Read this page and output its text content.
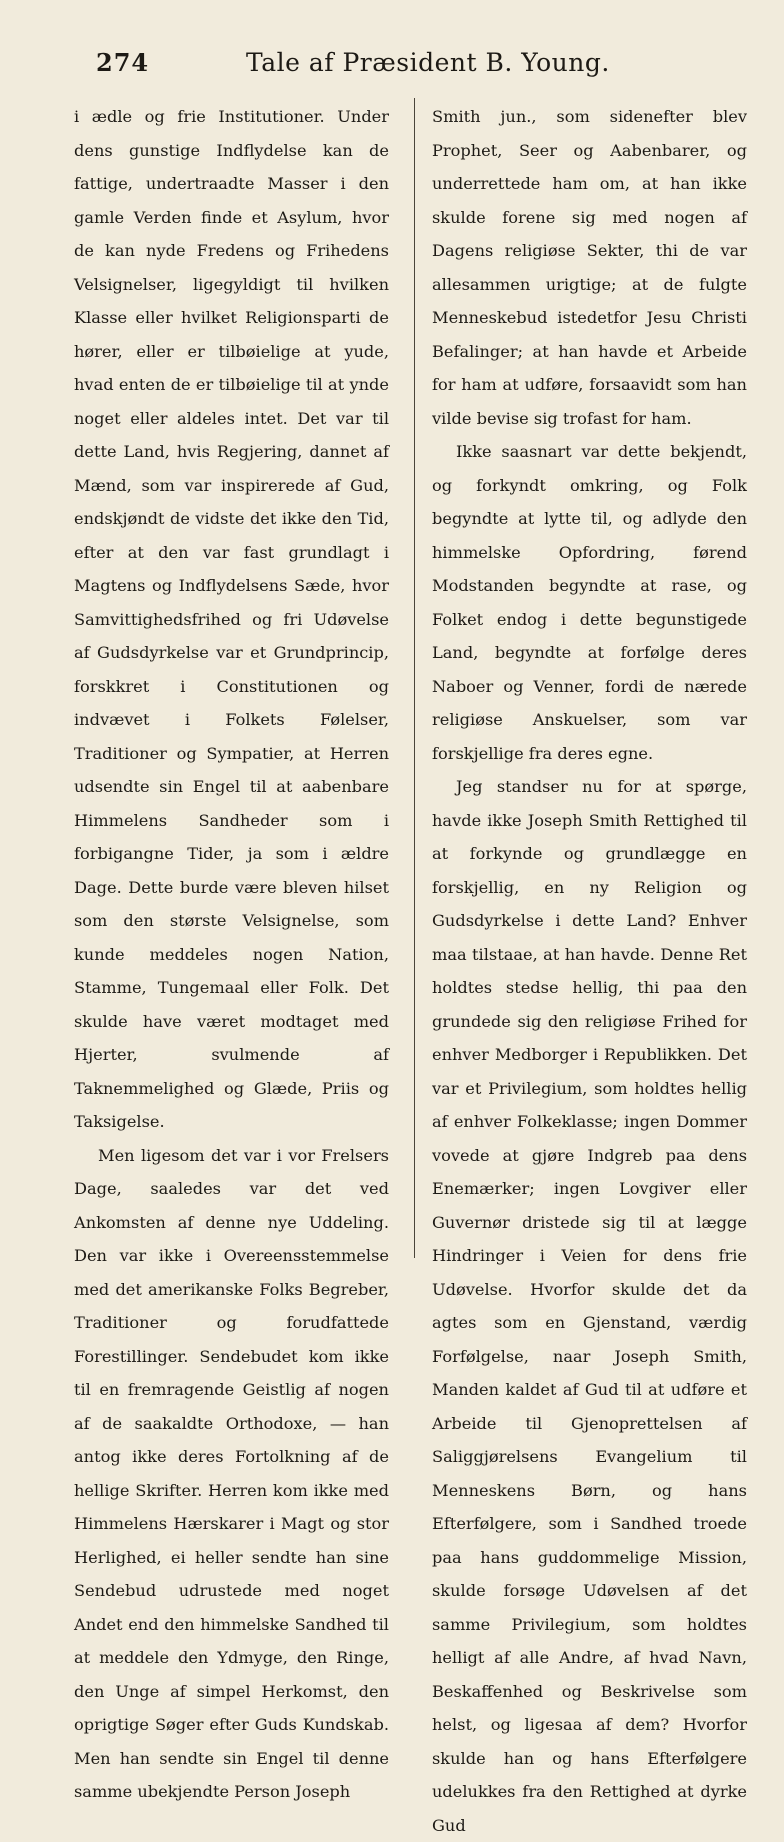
274	Tale af Præsident B. Young.

i ædle og frie Institutioner. Under dens gunstige Indflydelse kan de fattige, undertraadte Masser i den gamle Verden finde et Asylum, hvor de kan nyde Fredens og Frihedens Velsignelser, ligegyldigt til hvilken Klasse eller hvilket Religionsparti de hører, eller er tilbøielige at yude, hvad enten de er tilbøielige til at ynde noget eller aldeles intet. Det var til dette Land, hvis Regjering, dannet af Mænd, som var inspirerede af Gud, endskjøndt de vidste det ikke den Tid, efter at den var fast grundlagt i Magtens og Indflydelsens Sæde, hvor Samvittighedsfrihed og fri Udøvelse af Gudsdyrkelse var et Grundprincip, forskkret i Constitutionen og indvævet i Folkets Følelser, Traditioner og Sympatier, at Herren udsendte sin Engel til at aabenbare Himmelens Sandheder som i forbigangne Tider, ja som i ældre Dage. Dette burde være bleven hilset som den største Velsignelse, som kunde meddeles nogen Nation, Stamme, Tungemaal eller Folk. Det skulde have været modtaget med Hjerter, svulmende af Taknemmelighed og Glæde, Priis og Taksigelse.

Men ligesom det var i vor Frelsers Dage, saaledes var det ved Ankomsten af denne nye Uddeling. Den var ikke i Overeensstemmelse med det amerikanske Folks Begreber, Traditioner og forudfattede Forestillinger. Sendebudet kom ikke til en fremragende Geistlig af nogen af de saakaldte Orthodoxe, — han antog ikke deres Fortolkning af de hellige Skrifter. Herren kom ikke med Himmelens Hærskarer i Magt og stor Herlighed, ei heller sendte han sine Sendebud udrustede med noget Andet end den himmelske Sandhed til at meddele den Ydmyge, den Ringe, den Unge af simpel Herkomst, den oprigtige Søger efter Guds Kundskab. Men han sendte sin Engel til denne samme ubekjendte Person Joseph

Smith jun., som sidenefter blev Prophet, Seer og Aabenbarer, og underrettede ham om, at han ikke skulde forene sig med nogen af Dagens religiøse Sekter, thi de var allesammen urigtige; at de fulgte Menneskebud istedetfor Jesu Christi Befalinger; at han havde et Arbeide for ham at udføre, forsaavidt som han vilde bevise sig trofast for ham.

Ikke saasnart var dette bekjendt, og forkyndt omkring, og Folk begyndte at lytte til, og adlyde den himmelske Opfordring, førend Modstanden begyndte at rase, og Folket endog i dette begunstigede Land, begyndte at forfølge deres Naboer og Venner, fordi de nærede religiøse Anskuelser, som var forskjellige fra deres egne.

Jeg standser nu for at spørge, havde ikke Joseph Smith Rettighed til at forkynde og grundlægge en forskjellig, en ny Religion og Gudsdyrkelse i dette Land? Enhver maa tilstaae, at han havde. Denne Ret holdtes stedse hellig, thi paa den grundede sig den religiøse Frihed for enhver Medborger i Republikken. Det var et Privilegium, som holdtes hellig af enhver Folkeklasse; ingen Dommer vovede at gjøre Indgreb paa dens Enemærker; ingen Lovgiver eller Guvernør dristede sig til at lægge Hindringer i Veien for dens frie Udøvelse. Hvorfor skulde det da agtes som en Gjenstand, værdig Forfølgelse, naar Joseph Smith, Manden kaldet af Gud til at udføre et Arbeide til Gjenoprettelsen af Saliggjørelsens Evangelium til Menneskens Børn, og hans Efterfølgere, som i Sandhed troede paa hans guddommelige Mission, skulde forsøge Udøvelsen af det samme Privilegium, som holdtes helligt af alle Andre, af hvad Navn, Beskaffenhed og Beskrivelse som helst, og ligesaa af dem? Hvorfor skulde han og hans Efterfølgere udelukkes fra den Rettighed at dyrke Gud
